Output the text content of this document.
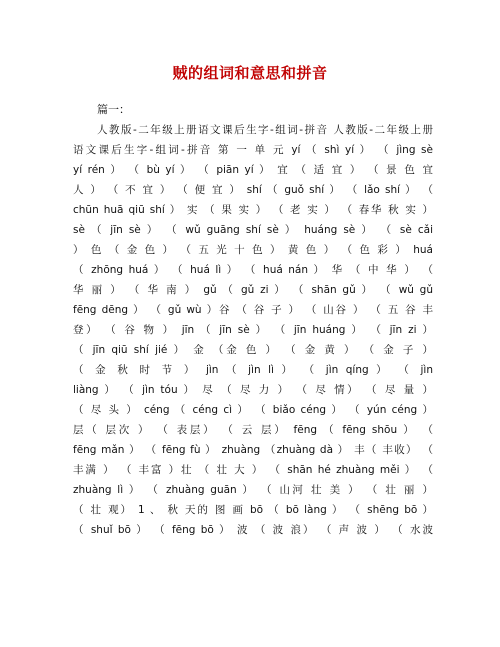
贼的组词和意思和拼音
篇一：
人教版-二年级上册语文课后生字-组词-拼音 人教版-二年级上册
语文课后生字-组词-拼音 第 一 单 元 yí （ shì yí ） （ jìng sè
yí rén ） （ bù yí ） （ piān yí ） 宜 （ 适 宜 ） （ 景 色 宜
人 ） （ 不 宜 ） （ 便 宜 ） shí （ guǒ shí ） （ lǎo shí ） （
chūn huā qiū shí ） 实 （ 果 实 ） （ 老 实 ） （ 春华 秋 实 ）
sè （ jīn sè ） （ wǔ guāng shí sè ） huáng sè ） （ sè cǎi
） 色 （ 金 色 ） （ 五 光 十 色 ） 黄 色 ） （ 色 彩 ） huá
（ zhōng huá ） （ huá lì ） （ huá nán ） 华 （ 中 华 ） （
华 丽 ） （ 华 南 ） gǔ （ gǔ zi ） （ shān gǔ ） （ wǔ gǔ
fēng dēng ） （ gǔ wù ）谷 （ 谷 子 ） （ 山谷 ） （ 五 谷 丰
登） （ 谷 物 ） jīn （ jīn sè ） （ jīn huáng ） （ jīn zi ）
（ jīn qiū shí jié ） 金 （金 色 ） （ 金 黄 ） （ 金 子 ）
（ 金 秋 时 节 ） jìn （ jìn lì ） （ jìn qíng ） （ jìn
liàng ） （ jìn tóu ） 尽 （ 尽 力 ） （ 尽 情） （ 尽 量 ）
（ 尽 头 ） céng （ céng cì ） （ biǎo céng ） （ yún céng ）
层（ 层次 ） （ 表层） （ 云 层） fēng （ fēng shōu ） （
fēng mǎn ） （ fēng fù ） zhuàng （zhuàng dà ） 丰（ 丰收） （
丰满 ） （ 丰富 ）壮 （ 壮 大 ） （ shān hé zhuàng měi ） （
zhuàng lì ） （ zhuàng guān ） （ 山河 壮 美 ） （ 壮 丽 ）
（ 壮 观） 1 、 秋 天的 图 画 bō （ bō làng ） （ shēng bō ）
（ shuǐ bō ） （ fēng bō ） 波 （ 波 浪） （ 声 波 ） （ 水波
